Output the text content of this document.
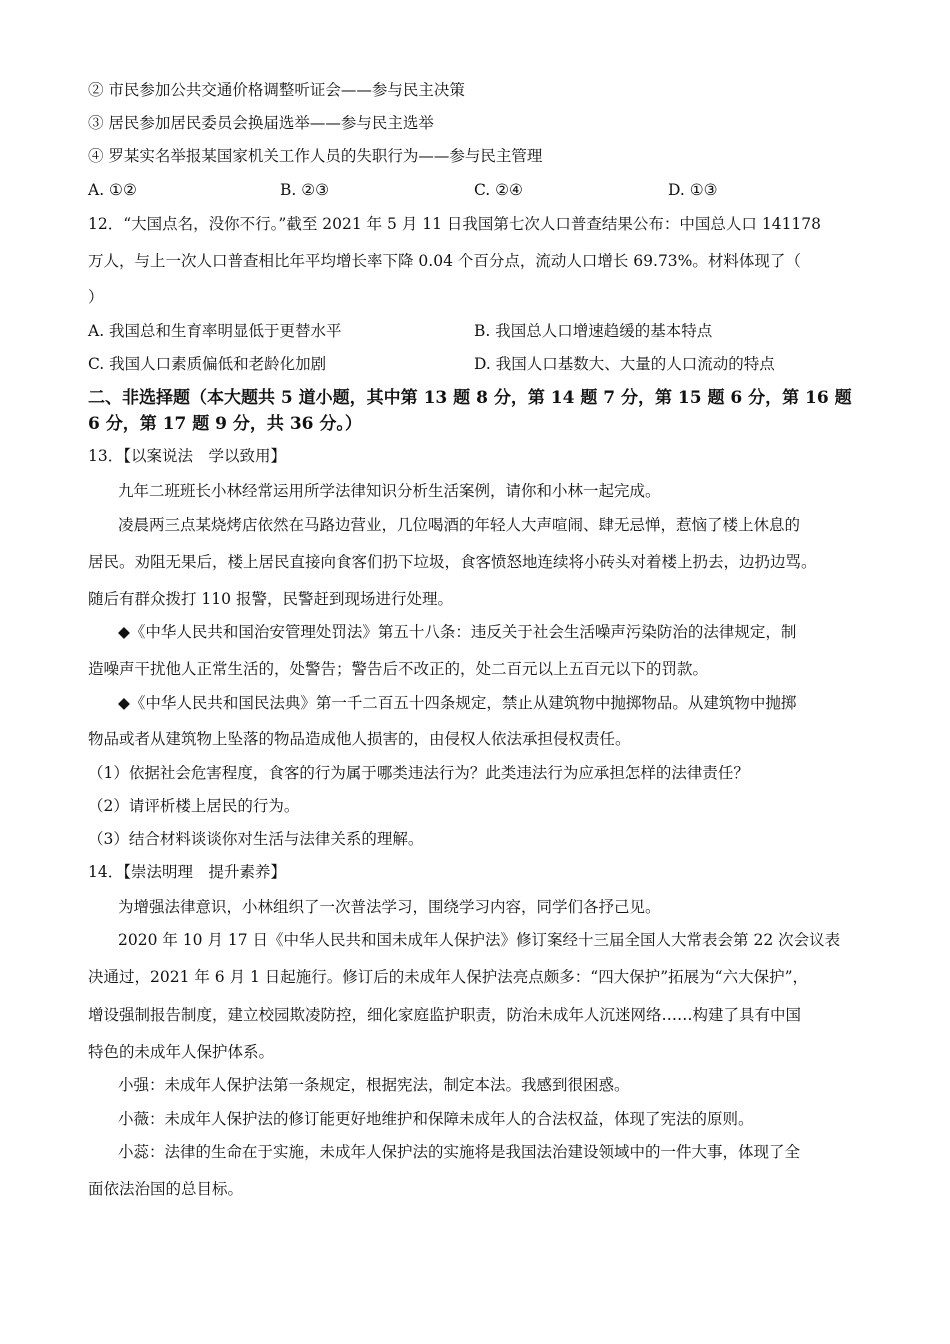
② 市民参加公共交通价格调整听证会——参与民主决策
③ 居民参加居民委员会换届选举——参与民主选举
④ 罗某实名举报某国家机关工作人员的失职行为——参与民主管理
A. ①②	B. ②③	C. ②④	D. ①③
12．“大国点名，没你不行。”截至 2021 年 5 月 11 日我国第七次人口普查结果公布：中国总人口 141178
万人，与上一次人口普查相比年平均增长率下降 0.04 个百分点，流动人口增长 69.73%。材料体现了（
）
A. 我国总和生育率明显低于更替水平	B. 我国总人口增速趋缓的基本特点
C. 我国人口素质偏低和老龄化加剧	D. 我国人口基数大、大量的人口流动的特点
二、非选择题（本大题共 5 道小题，其中第 13 题 8 分，第 14 题 7 分，第 15 题 6 分，第 16 题
6 分，第 17 题 9 分，共 36 分。）
13．【以案说法　学以致用】
九年二班班长小林经常运用所学法律知识分析生活案例，请你和小林一起完成。
凌晨两三点某烧烤店依然在马路边营业，几位喝酒的年轻人大声喧闹、肆无忌惮，惹恼了楼上休息的
居民。劝阻无果后，楼上居民直接向食客们扔下垃圾，食客愤怒地连续将小砖头对着楼上扔去，边扔边骂。
随后有群众拨打 110 报警，民警赶到现场进行处理。
◆《中华人民共和国治安管理处罚法》第五十八条：违反关于社会生活噪声污染防治的法律规定，制
造噪声干扰他人正常生活的，处警告；警告后不改正的，处二百元以上五百元以下的罚款。
◆《中华人民共和国民法典》第一千二百五十四条规定，禁止从建筑物中抛掷物品。从建筑物中抛掷
物品或者从建筑物上坠落的物品造成他人损害的，由侵权人依法承担侵权责任。
（1）依据社会危害程度，食客的行为属于哪类违法行为？此类违法行为应承担怎样的法律责任？
（2）请评析楼上居民的行为。
（3）结合材料谈谈你对生活与法律关系的理解。
14．【崇法明理　提升素养】
为增强法律意识，小林组织了一次普法学习，围绕学习内容，同学们各抒己见。
2020 年 10 月 17 日《中华人民共和国未成年人保护法》修订案经十三届全国人大常表会第 22 次会议表
决通过，2021 年 6 月 1 日起施行。修订后的未成年人保护法亮点颇多：“四大保护”拓展为“六大保护”，
增设强制报告制度，建立校园欺凌防控，细化家庭监护职责，防治未成年人沉迷网络……构建了具有中国
特色的未成年人保护体系。
小强：未成年人保护法第一条规定，根据宪法，制定本法。我感到很困惑。
小薇：未成年人保护法的修订能更好地维护和保障未成年人的合法权益，体现了宪法的原则。
小蕊：法律的生命在于实施，未成年人保护法的实施将是我国法治建设领域中的一件大事，体现了全
面依法治国的总目标。
